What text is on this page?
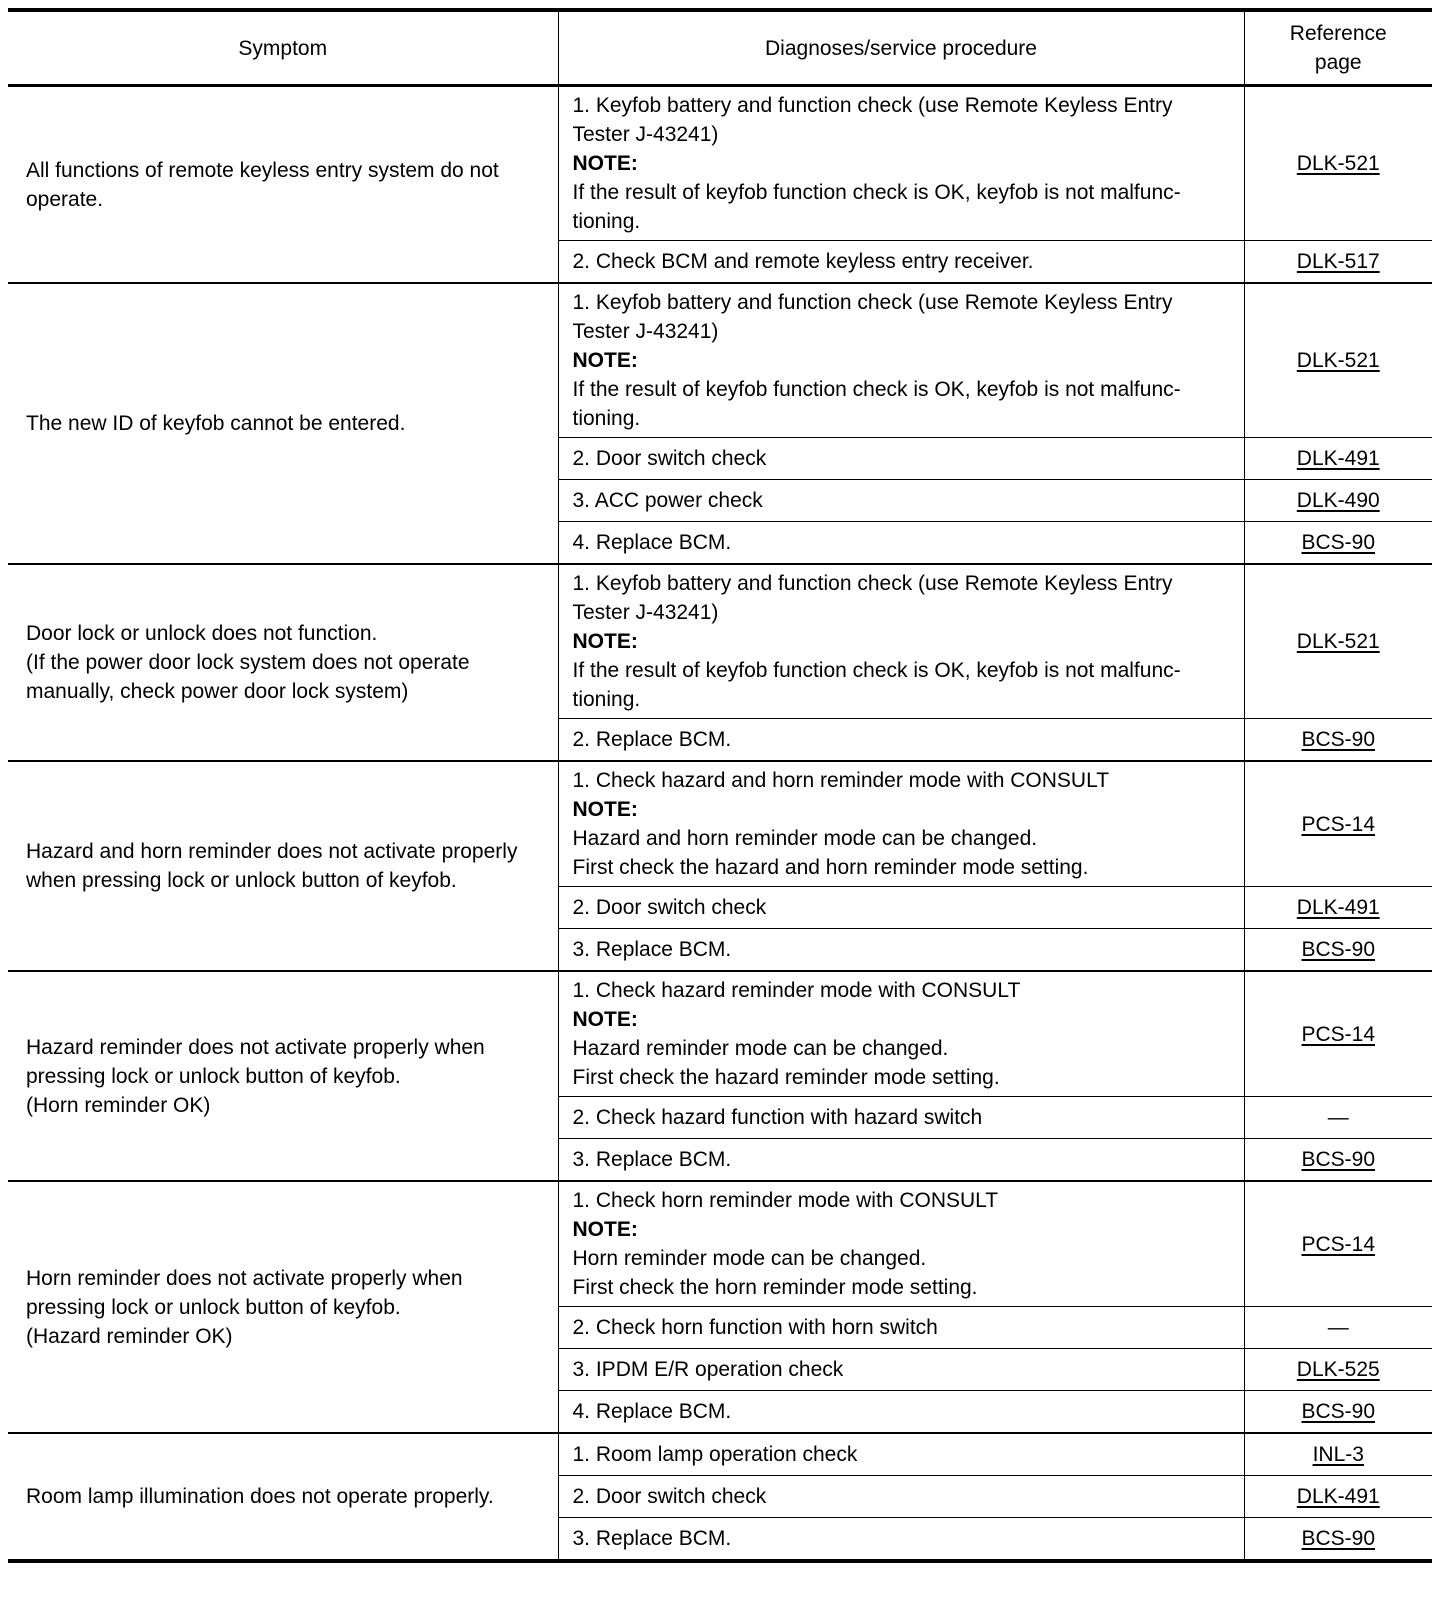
Symptom	Diagnoses/service procedure	Reference
page

All functions of remote keyless entry system do not
operate.	1. Keyfob battery and function check (use Remote Keyless Entry
Tester J-43241)
NOTE:
If the result of keyfob function check is OK, keyfob is not malfunc-
tioning.	DLK-521

	2. Check BCM and remote keyless entry receiver.	DLK-517

The new ID of keyfob cannot be entered.	1. Keyfob battery and function check (use Remote Keyless Entry
Tester J-43241)
NOTE:
If the result of keyfob function check is OK, keyfob is not malfunc-
tioning.	DLK-521

	2. Door switch check	DLK-491

	3. ACC power check	DLK-490

	4. Replace BCM.	BCS-90

Door lock or unlock does not function.
(If the power door lock system does not operate
manually, check power door lock system)	1. Keyfob battery and function check (use Remote Keyless Entry
Tester J-43241)
NOTE:
If the result of keyfob function check is OK, keyfob is not malfunc-
tioning.	DLK-521

	2. Replace BCM.	BCS-90

Hazard and horn reminder does not activate properly
when pressing lock or unlock button of keyfob.	1. Check hazard and horn reminder mode with CONSULT
NOTE:
Hazard and horn reminder mode can be changed.
First check the hazard and horn reminder mode setting.	PCS-14

	2. Door switch check	DLK-491

	3. Replace BCM.	BCS-90

Hazard reminder does not activate properly when
pressing lock or unlock button of keyfob.
(Horn reminder OK)	1. Check hazard reminder mode with CONSULT
NOTE:
Hazard reminder mode can be changed.
First check the hazard reminder mode setting.	PCS-14

	2. Check hazard function with hazard switch	—

	3. Replace BCM.	BCS-90

Horn reminder does not activate properly when
pressing lock or unlock button of keyfob.
(Hazard reminder OK)	1. Check horn reminder mode with CONSULT
NOTE:
Horn reminder mode can be changed.
First check the horn reminder mode setting.	PCS-14

	2. Check horn function with horn switch	—

	3. IPDM E/R operation check	DLK-525

	4. Replace BCM.	BCS-90

Room lamp illumination does not operate properly.	1. Room lamp operation check	INL-3

	2. Door switch check	DLK-491

	3. Replace BCM.	BCS-90
